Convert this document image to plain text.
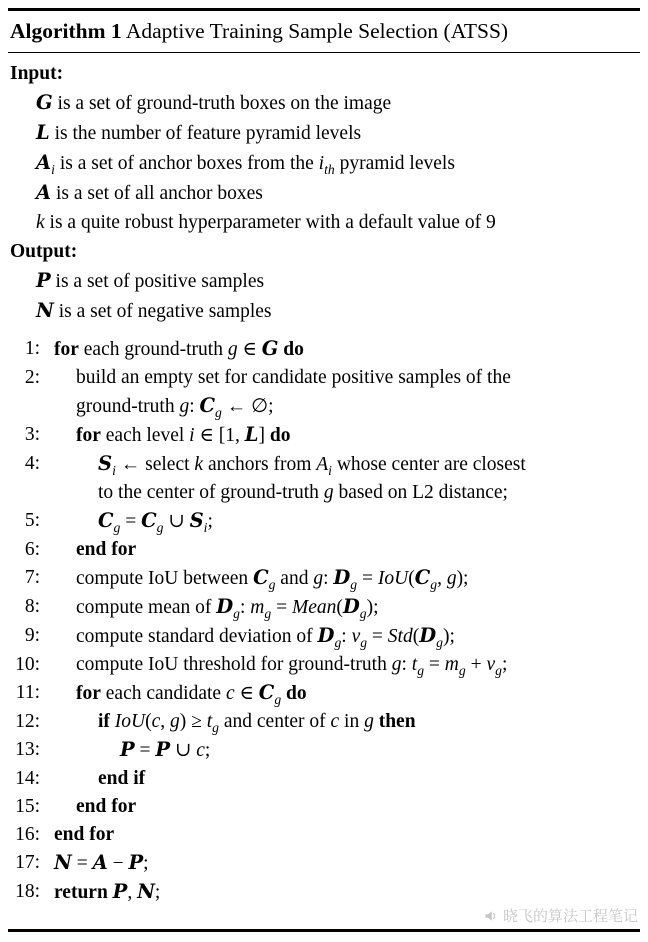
Algorithm 1 Adaptive Training Sample Selection (ATSS)
Input:
G is a set of ground-truth boxes on the image
L is the number of feature pyramid levels
$A_i$ is a set of anchor boxes from the $i_{th}$ pyramid levels
A is a set of all anchor boxes
k is a quite robust hyperparameter with a default value of 9
Output:
P is a set of positive samples
N is a set of negative samples
1: for each ground-truth g ∈ G do
2:	build an empty set for candidate positive samples of the
ground-truth g: $C_g$ ← ∅;
3:	for each level i ∈ [1, L] do
4:	$S_i$ ← select k anchors from $A_i$ whose center are closest
to the center of ground-truth g based on L2 distance;
5:	$C_g = C_g$ ∪ $S_i$;
6:	end for
7:	compute IoU between $C_g$ and g: $D_g = IoU(C_g$, g);
8:	compute mean of $D_g$: $m_g$ = $Mean(D_g)$;
9:	compute standard deviation of $D_g$: $v_g = Std(D_g)$;
10:	compute IoU threshold for ground-truth g: $t_g = m_g + v_g$;
11:	for each candidate c ∈ $C_g$ do
12:	if IoU(c, $g) \ge t_g$ and center of c in g then
13:	P = P ∪ c;
14:	end if
15:	end for
16: end for
17: N = A − P;
18: return P, N;
晓飞的算法工程笔记
